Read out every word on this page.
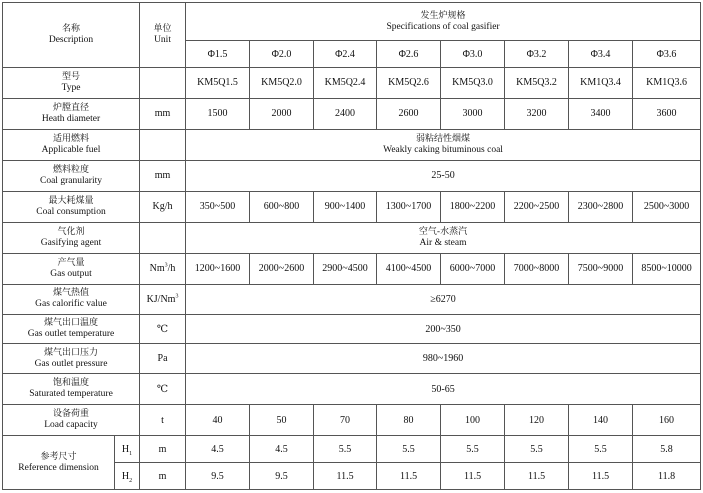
名称
Description		单位
Unit	发生炉规格
Specifications of coal gasifier							

			Φ1.5	Φ2.0	Φ2.4	Φ2.6	Φ3.0	Φ3.2	Φ3.4	Φ3.6

型号
Type			KM5Q1.5	KM5Q2.0	KM5Q2.4	KM5Q2.6	KM5Q3.0	KM5Q3.2	KM1Q3.4	KM1Q3.6

炉膛直径
Heath diameter		mm	1500	2000	2400	2600	3000	3200	3400	3600

适用燃料
Applicable fuel			弱粘结性烟煤
Weakly caking bituminous coal							

燃料粒度
Coal granularity		mm	25-50							

最大耗煤量
Coal consumption		Kg/h	350~500	600~800	900~1400	1300~1700	1800~2200	2200~2500	2300~2800	2500~3000

气化剂
Gasifying agent			空气-水蒸汽
Air & steam							

产气量
Gas output		Nm$^3$/h	1200~1600	2000~2600	2900~4500	4100~4500	6000~7000	7000~8000	7500~9000	8500~10000

煤气热值
Gas calorific value		$KJ/Nm^3$	≥6270							

煤气出口温度
Gas outlet temperature		℃	200~350							

煤气出口压力
Gas outlet pressure		Pa	980~1960							

饱和温度
Saturated temperature		℃	50-65							

设备荷重
Load capacity		t	40	50	70	80	100	120	140	160

参考尺寸
Reference dimension	$H_1$	m	4.5	4.5	5.5	5.5	5.5	5.5	5.5	5.8
	$H_2$	m	9.5	9.5	11.5	11.5	11.5	11.5	11.5	11.8
